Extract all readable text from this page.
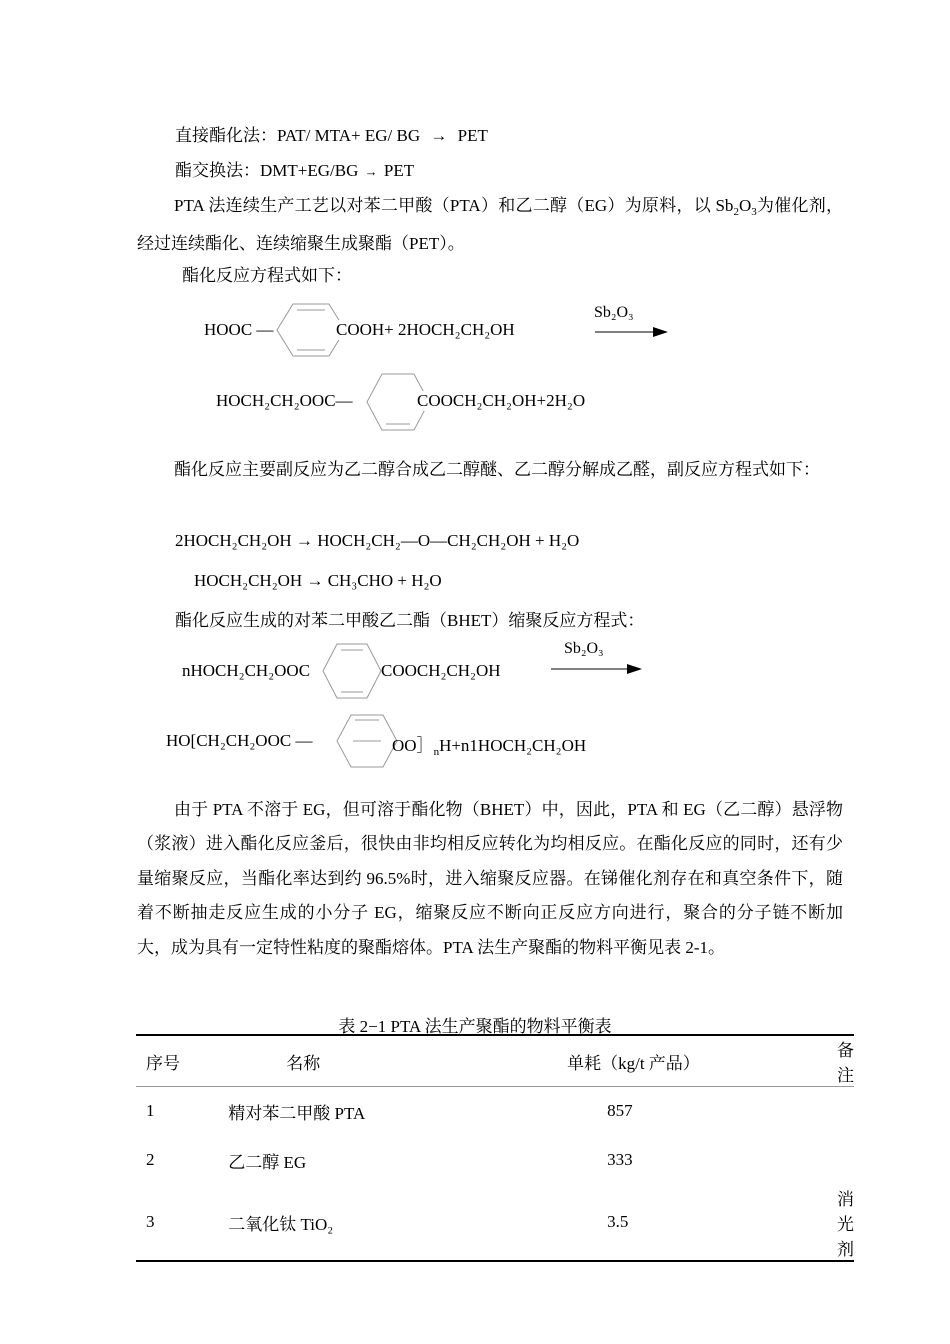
直接酯化法：PAT/ MTA+ EG/ BG → PET
酯交换法：DMT+EG/BG → PET
PTA 法连续生产工艺以对苯二甲酸（PTA）和乙二醇（EG）为原料，以 $Sb_2O_3$为催化剂，经过连续酯化、连续缩聚生成聚酯（PET）。
酯化反应方程式如下：
HOOC —	COOH+ 2HOCH₂CH₂OH
Sb₂O₃
HOCH₂CH₂OOC—	COOCH₂CH₂OH+2H₂O
酯化反应主要副反应为乙二醇合成乙二醇醚、乙二醇分解成乙醛，副反应方程式如下：
2HOCH₂CH₂OH → HOCH₂CH₂—O—CH₂CH₂OH + H₂O
HOCH₂CH₂OH → CH₃CHO + H₂O
酯化反应生成的对苯二甲酸乙二酯（BHET）缩聚反应方程式：
nHOCH₂CH₂OOC	COOCH₂CH₂OH
Sb₂O₃
HO[CH₂CH₂OOC —	$OO]_nH+n1HOCH_2CH_2OH$
由于 PTA 不溶于 EG，但可溶于酯化物（BHET）中，因此，PTA 和 EG（乙二醇）悬浮物（浆液）进入酯化反应釜后，很快由非均相反应转化为均相反应。在酯化反应的同时，还有少量缩聚反应，当酯化率达到约 96.5%时，进入缩聚反应器。在锑催化剂存在和真空条件下，随着不断抽走反应生成的小分子 EG，缩聚反应不断向正反应方向进行，聚合的分子链不断加大，成为具有一定特性粘度的聚酯熔体。PTA 法生产聚酯的物料平衡见表 2-1。
表 2−1 PTA 法生产聚酯的物料平衡表
序号	名称	单耗（kg/t 产品）	备注
1	精对苯二甲酸 PTA	857	
2	乙二醇 EG	333	
3	二氧化钛 TiO₂	3.5	消光剂
